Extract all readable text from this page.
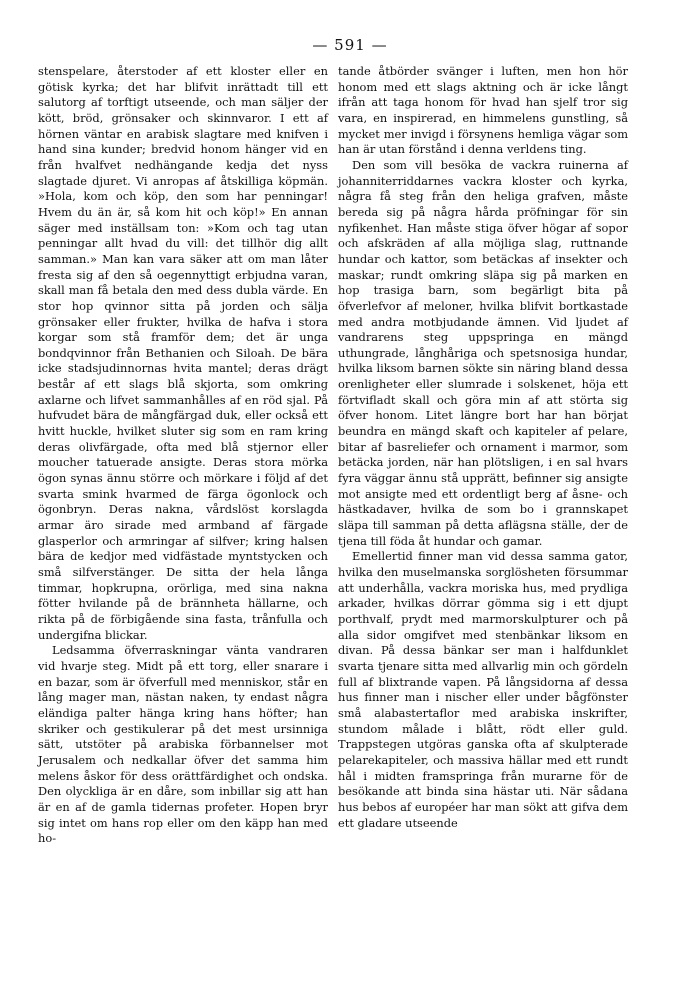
— 591 —

stenspelare, återstoder af ett kloster eller en götisk kyrka; det har blifvit inrättadt till ett salutorg af torftigt utseende, och man säljer der kött, bröd, grönsaker och skinnvaror. I ett af hörnen väntar en arabisk slagtare med knifven i hand sina kunder; bredvid honom hänger vid en från hvalfvet nedhängande kedja det nyss slagtade djuret. Vi anropas af åtskilliga köpmän. »Hola, kom och köp, den som har penningar! Hvem du än är, så kom hit och köp!» En annan säger med inställsam ton: »Kom och tag utan penningar allt hvad du vill: det tillhör dig allt samman.» Man kan vara säker att om man låter fresta sig af den så oegennyttigt erbjudna varan, skall man få betala den med dess dubla värde. En stor hop qvinnor sitta på jorden och sälja grönsaker eller frukter, hvilka de hafva i stora korgar som stå framför dem; det är unga bondqvinnor från Bethanien och Siloah. De bära icke stadsjudinnornas hvita mantel; deras drägt består af ett slags blå skjorta, som omkring axlarne och lifvet sammanhålles af en röd sjal. På hufvudet bära de mångfärgad duk, eller också ett hvitt huckle, hvilket sluter sig som en ram kring deras olivfärgade, ofta med blå stjernor eller moucher tatuerade ansigte. Deras stora mörka ögon synas ännu större och mörkare i följd af det svarta smink hvarmed de färga ögonlock och ögonbryn. Deras nakna, vårdslöst korslagda armar äro sirade med armband af färgade glasperlor och armringar af silfver; kring halsen bära de kedjor med vidfästade myntstycken och små silfverstänger. De sitta der hela långa timmar, hopkrupna, orörliga, med sina nakna fötter hvilande på de brännheta hällarne, och rikta på de förbigående sina fasta, trånfulla och undergifna blickar.

Ledsamma öfverraskningar vänta vandraren vid hvarje steg. Midt på ett torg, eller snarare i en bazar, som är öfverfull med menniskor, står en lång mager man, nästan naken, ty endast några eländiga palter hänga kring hans höfter; han skriker och gestikulerar på det mest ursinniga sätt, utstöter på arabiska förbannelser mot Jerusalem och nedkallar öfver det samma him melens åskor för dess orättfärdighet och ondska. Den olyckliga är en dåre, som inbillar sig att han är en af de gamla tidernas profeter. Hopen bryr sig intet om hans rop eller om den käpp han med ho-

tande åtbörder svänger i luften, men hon hör honom med ett slags aktning och är icke långt ifrån att taga honom för hvad han sjelf tror sig vara, en inspirerad, en himmelens gunstling, så mycket mer invigd i försynens hemliga vägar som han är utan förstånd i denna verldens ting.

Den som vill besöka de vackra ruinerna af johanniterriddarnes vackra kloster och kyrka, några få steg från den heliga grafven, måste bereda sig på några hårda pröfningar för sin nyfikenhet. Han måste stiga öfver högar af sopor och afskräden af alla möjliga slag, ruttnande hundar och kattor, som betäckas af insekter och maskar; rundt omkring släpa sig på marken en hop trasiga barn, som begärligt bita på öfverlefvor af meloner, hvilka blifvit bortkastade med andra motbjudande ämnen. Vid ljudet af vandrarens steg uppspringa en mängd uthungrade, långhåriga och spetsnosiga hundar, hvilka liksom barnen sökte sin näring bland dessa orenligheter eller slumrade i solskenet, höja ett förtvifladt skall och göra min af att störta sig öfver honom. Litet längre bort har han börjat beundra en mängd skaft och kapiteler af pelare, bitar af basreliefer och ornament i marmor, som betäcka jorden, när han plötsligen, i en sal hvars fyra väggar ännu stå upprätt, befinner sig ansigte mot ansigte med ett ordentligt berg af åsne- och hästkadaver, hvilka de som bo i grannskapet släpa till samman på detta aflägsna ställe, der de tjena till föda åt hundar och gamar.

Emellertid finner man vid dessa samma gator, hvilka den muselmanska sorglösheten försummar att underhålla, vackra moriska hus, med prydliga arkader, hvilkas dörrar gömma sig i ett djupt porthvalf, prydt med marmorskulpturer och på alla sidor omgifvet med stenbänkar liksom en divan. På dessa bänkar ser man i halfdunklet svarta tjenare sitta med allvarlig min och gördeln full af blixtrande vapen. På långsidorna af dessa hus finner man i nischer eller under bågfönster små alabastertaflor med arabiska inskrifter, stundom målade i blått, rödt eller guld. Trappstegen utgöras ganska ofta af skulpterade pelarekapiteler, och massiva hällar med ett rundt hål i midten framspringa från murarne för de besökande att binda sina hästar uti. När sådana hus bebos af européer har man sökt att gifva dem ett gladare utseende
